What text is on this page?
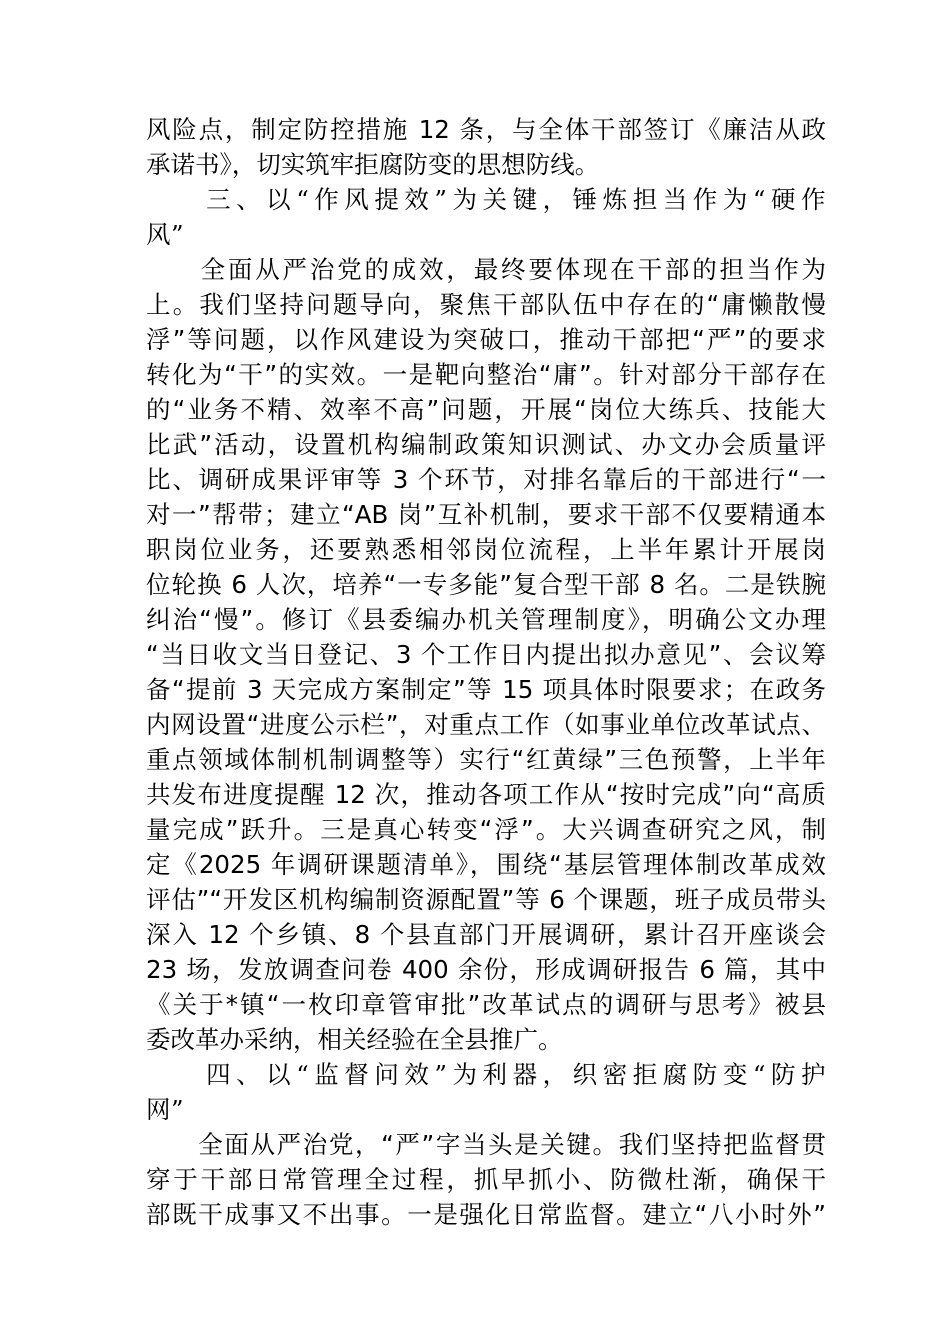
风险点，制定防控措施 12 条，与全体干部签订《廉洁从政
承诺书》，切实筑牢拒腐防变的思想防线。
　　三、以“作风提效”为关键，锤炼担当作为“硬作
风”
　　全面从严治党的成效，最终要体现在干部的担当作为
上。我们坚持问题导向，聚焦干部队伍中存在的“庸懒散慢
浮”等问题，以作风建设为突破口，推动干部把“严”的要求
转化为“干”的实效。一是靶向整治“庸”。针对部分干部存在
的“业务不精、效率不高”问题，开展“岗位大练兵、技能大
比武”活动，设置机构编制政策知识测试、办文办会质量评
比、调研成果评审等 3 个环节，对排名靠后的干部进行“一
对一”帮带；建立“AB 岗”互补机制，要求干部不仅要精通本
职岗位业务，还要熟悉相邻岗位流程，上半年累计开展岗
位轮换 6 人次，培养“一专多能”复合型干部 8 名。二是铁腕
纠治“慢”。修订《县委编办机关管理制度》，明确公文办理
“当日收文当日登记、3 个工作日内提出拟办意见”、会议筹
备“提前 3 天完成方案制定”等 15 项具体时限要求；在政务
内网设置“进度公示栏”，对重点工作（如事业单位改革试点、
重点领域体制机制调整等）实行“红黄绿”三色预警，上半年
共发布进度提醒 12 次，推动各项工作从“按时完成”向“高质
量完成”跃升。三是真心转变“浮”。大兴调查研究之风，制
定《2025 年调研课题清单》，围绕“基层管理体制改革成效
评估”“开发区机构编制资源配置”等 6 个课题，班子成员带头
深入 12 个乡镇、8 个县直部门开展调研，累计召开座谈会
23 场，发放调查问卷 400 余份，形成调研报告 6 篇，其中
《关于*镇“一枚印章管审批”改革试点的调研与思考》被县
委改革办采纳，相关经验在全县推广。
　　四、以“监督问效”为利器，织密拒腐防变“防护
网”
　　全面从严治党，“严”字当头是关键。我们坚持把监督贯
穿于干部日常管理全过程，抓早抓小、防微杜渐，确保干
部既干成事又不出事。一是强化日常监督。建立“八小时外”
